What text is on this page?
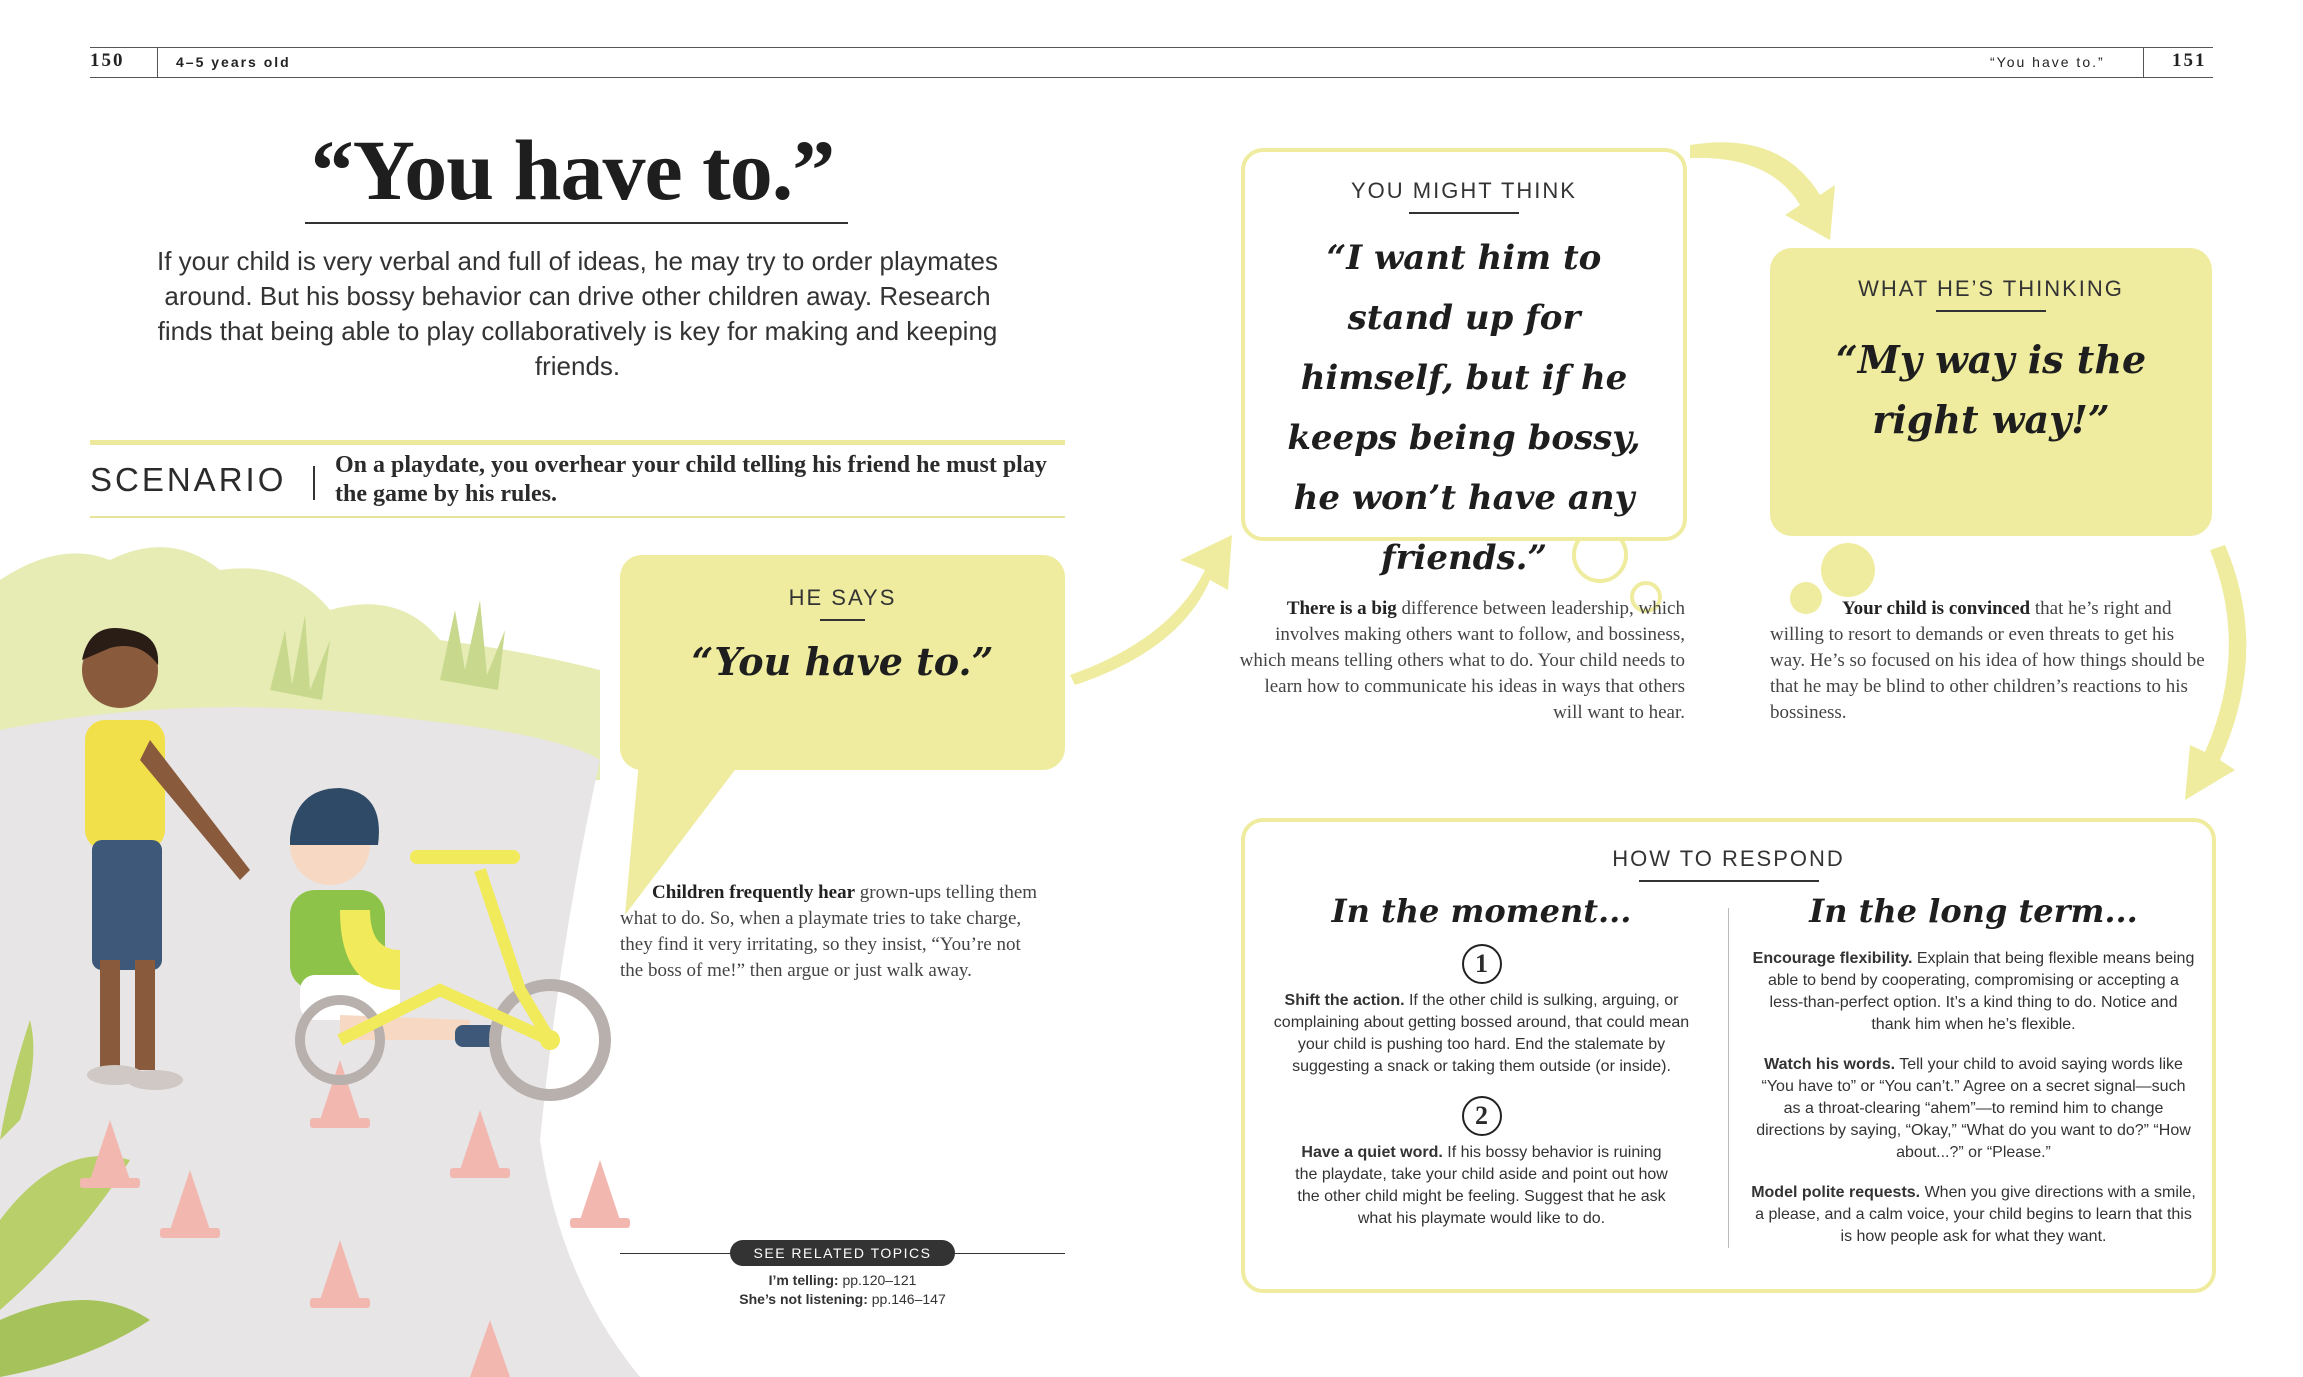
150	4–5 years old	“You have to.”	151
“You have to.”
If your child is very verbal and full of ideas, he may try to order playmates around. But his bossy behavior can drive other children away. Research finds that being able to play collaboratively is key for making and keeping friends.
SCENARIO On a playdate, you overhear your child telling his friend he must play the game by his rules.
HE SAYS
“You have to.”
Children frequently hear grown-ups telling them what to do. So, when a playmate tries to take charge, they find it very irritating, so they insist, “You’re not the boss of me!” then argue or just walk away.
SEE RELATED TOPICS
I’m telling: pp.120–121
She’s not listening: pp.146–147
YOU MIGHT THINK
“I want him to stand up for himself, but if he keeps being bossy, he won’t have any friends.”
There is a big difference between leadership, which involves making others want to follow, and bossiness, which means telling others what to do. Your child needs to learn how to communicate his ideas in ways that others will want to hear.
WHAT HE’S THINKING
“My way is the right way!”
Your child is convinced that he’s right and willing to resort to demands or even threats to get his way. He’s so focused on his idea of how things should be that he may be blind to other children’s reactions to his bossiness.
HOW TO RESPOND
In the moment...
1
Shift the action. If the other child is sulking, arguing, or complaining about getting bossed around, that could mean your child is pushing too hard. End the stalemate by suggesting a snack or taking them outside (or inside).
2
Have a quiet word. If his bossy behavior is ruining the playdate, take your child aside and point out how the other child might be feeling. Suggest that he ask what his playmate would like to do.
In the long term...
Encourage flexibility. Explain that being flexible means being able to bend by cooperating, compromising or accepting a less-than-perfect option. It’s a kind thing to do. Notice and thank him when he’s flexible.
Watch his words. Tell your child to avoid saying words like “You have to” or “You can’t.” Agree on a secret signal—such as a throat-clearing “ahem”—to remind him to change directions by saying, “Okay,” “What do you want to do?” “How about...?” or “Please.”
Model polite requests. When you give directions with a smile, a please, and a calm voice, your child begins to learn that this is how people ask for what they want.
